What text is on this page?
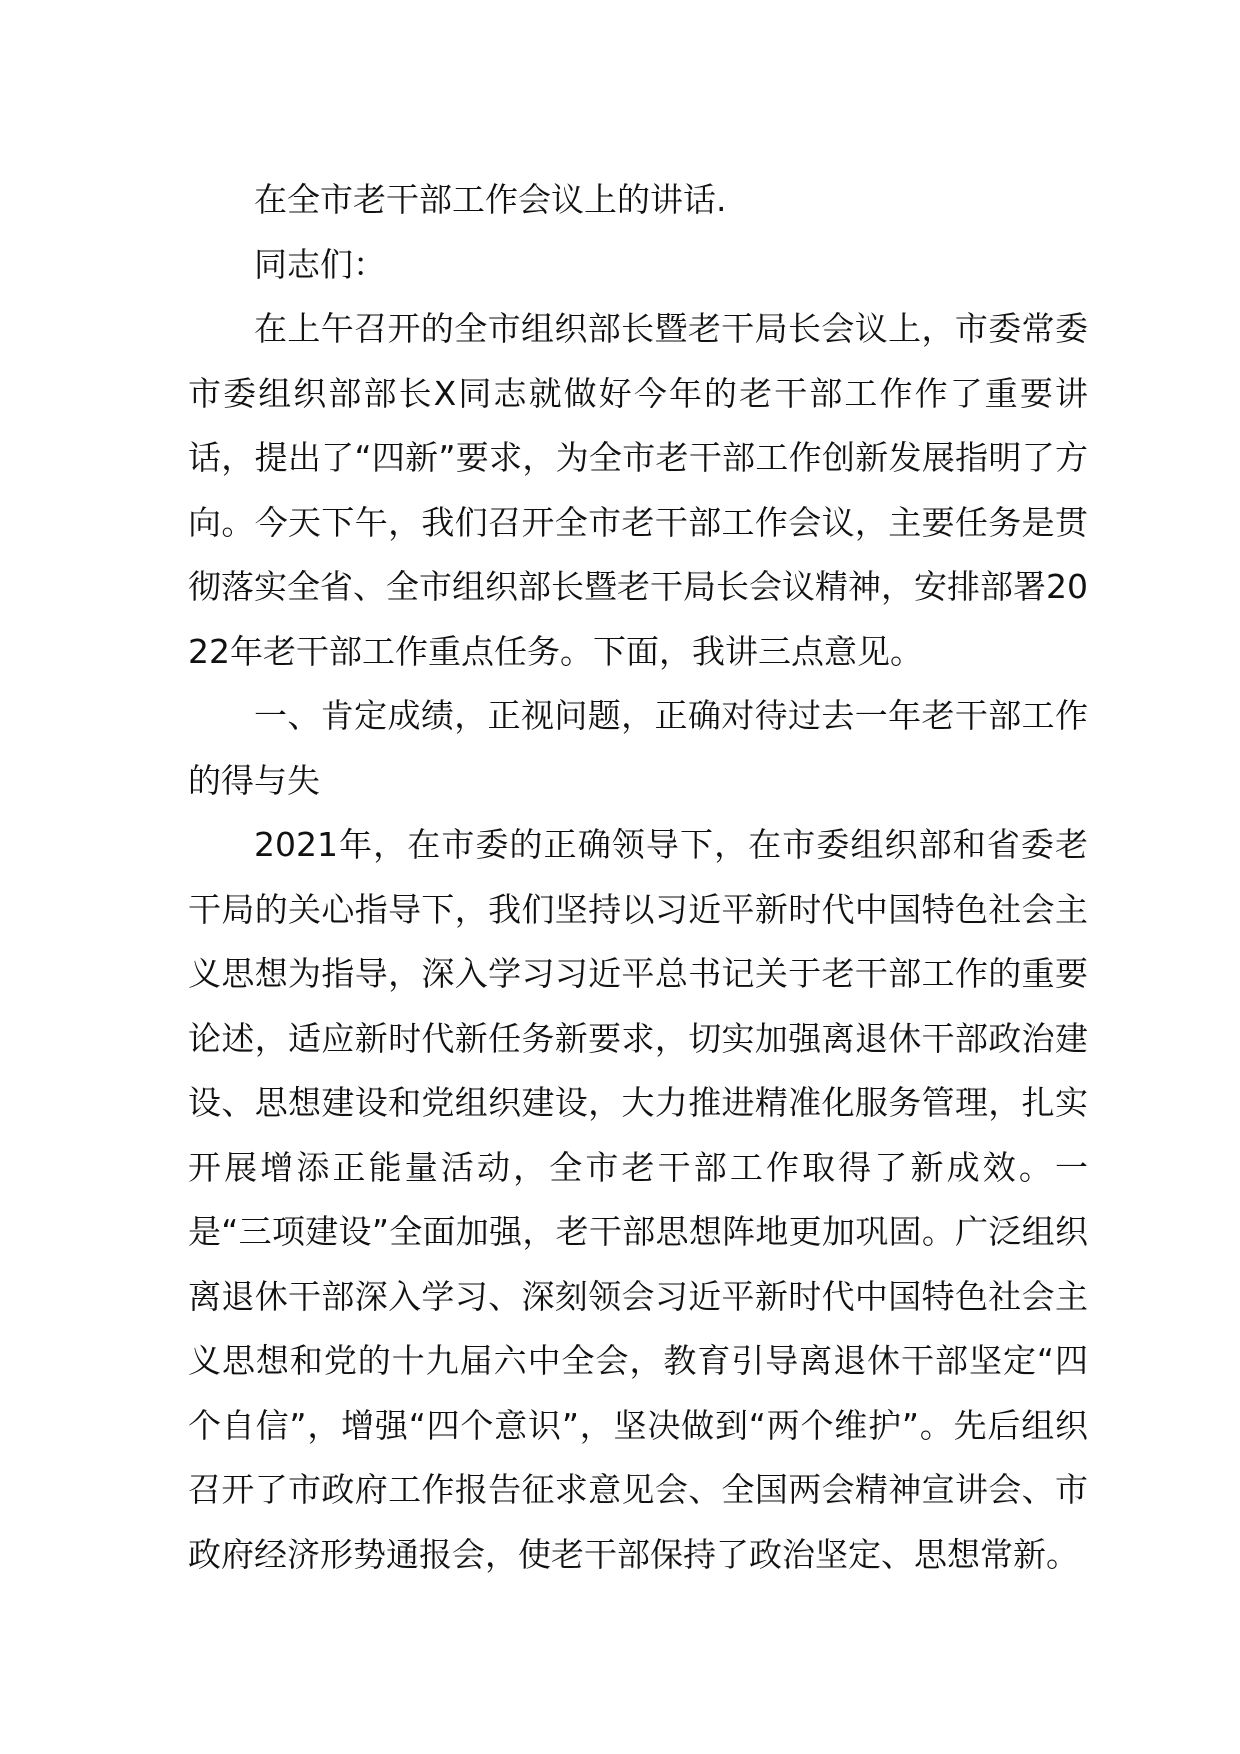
在全市老干部工作会议上的讲话.

同志们：

在上午召开的全市组织部长暨老干局长会议上，市委常委市委组织部部长X同志就做好今年的老干部工作作了重要讲话，提出了“四新”要求，为全市老干部工作创新发展指明了方向。今天下午，我们召开全市老干部工作会议，主要任务是贯彻落实全省、全市组织部长暨老干局长会议精神，安排部署2022年老干部工作重点任务。下面，我讲三点意见。

一、肯定成绩，正视问题，正确对待过去一年老干部工作的得与失

2021年，在市委的正确领导下，在市委组织部和省委老干局的关心指导下，我们坚持以习近平新时代中国特色社会主义思想为指导，深入学习习近平总书记关于老干部工作的重要论述，适应新时代新任务新要求，切实加强离退休干部政治建设、思想建设和党组织建设，大力推进精准化服务管理，扎实开展增添正能量活动，全市老干部工作取得了新成效。一是“三项建设”全面加强，老干部思想阵地更加巩固。广泛组织离退休干部深入学习、深刻领会习近平新时代中国特色社会主义思想和党的十九届六中全会，教育引导离退休干部坚定“四个自信”，增强“四个意识”，坚决做到“两个维护”。先后组织召开了市政府工作报告征求意见会、全国两会精神宣讲会、市政府经济形势通报会，使老干部保持了政治坚定、思想常新。
